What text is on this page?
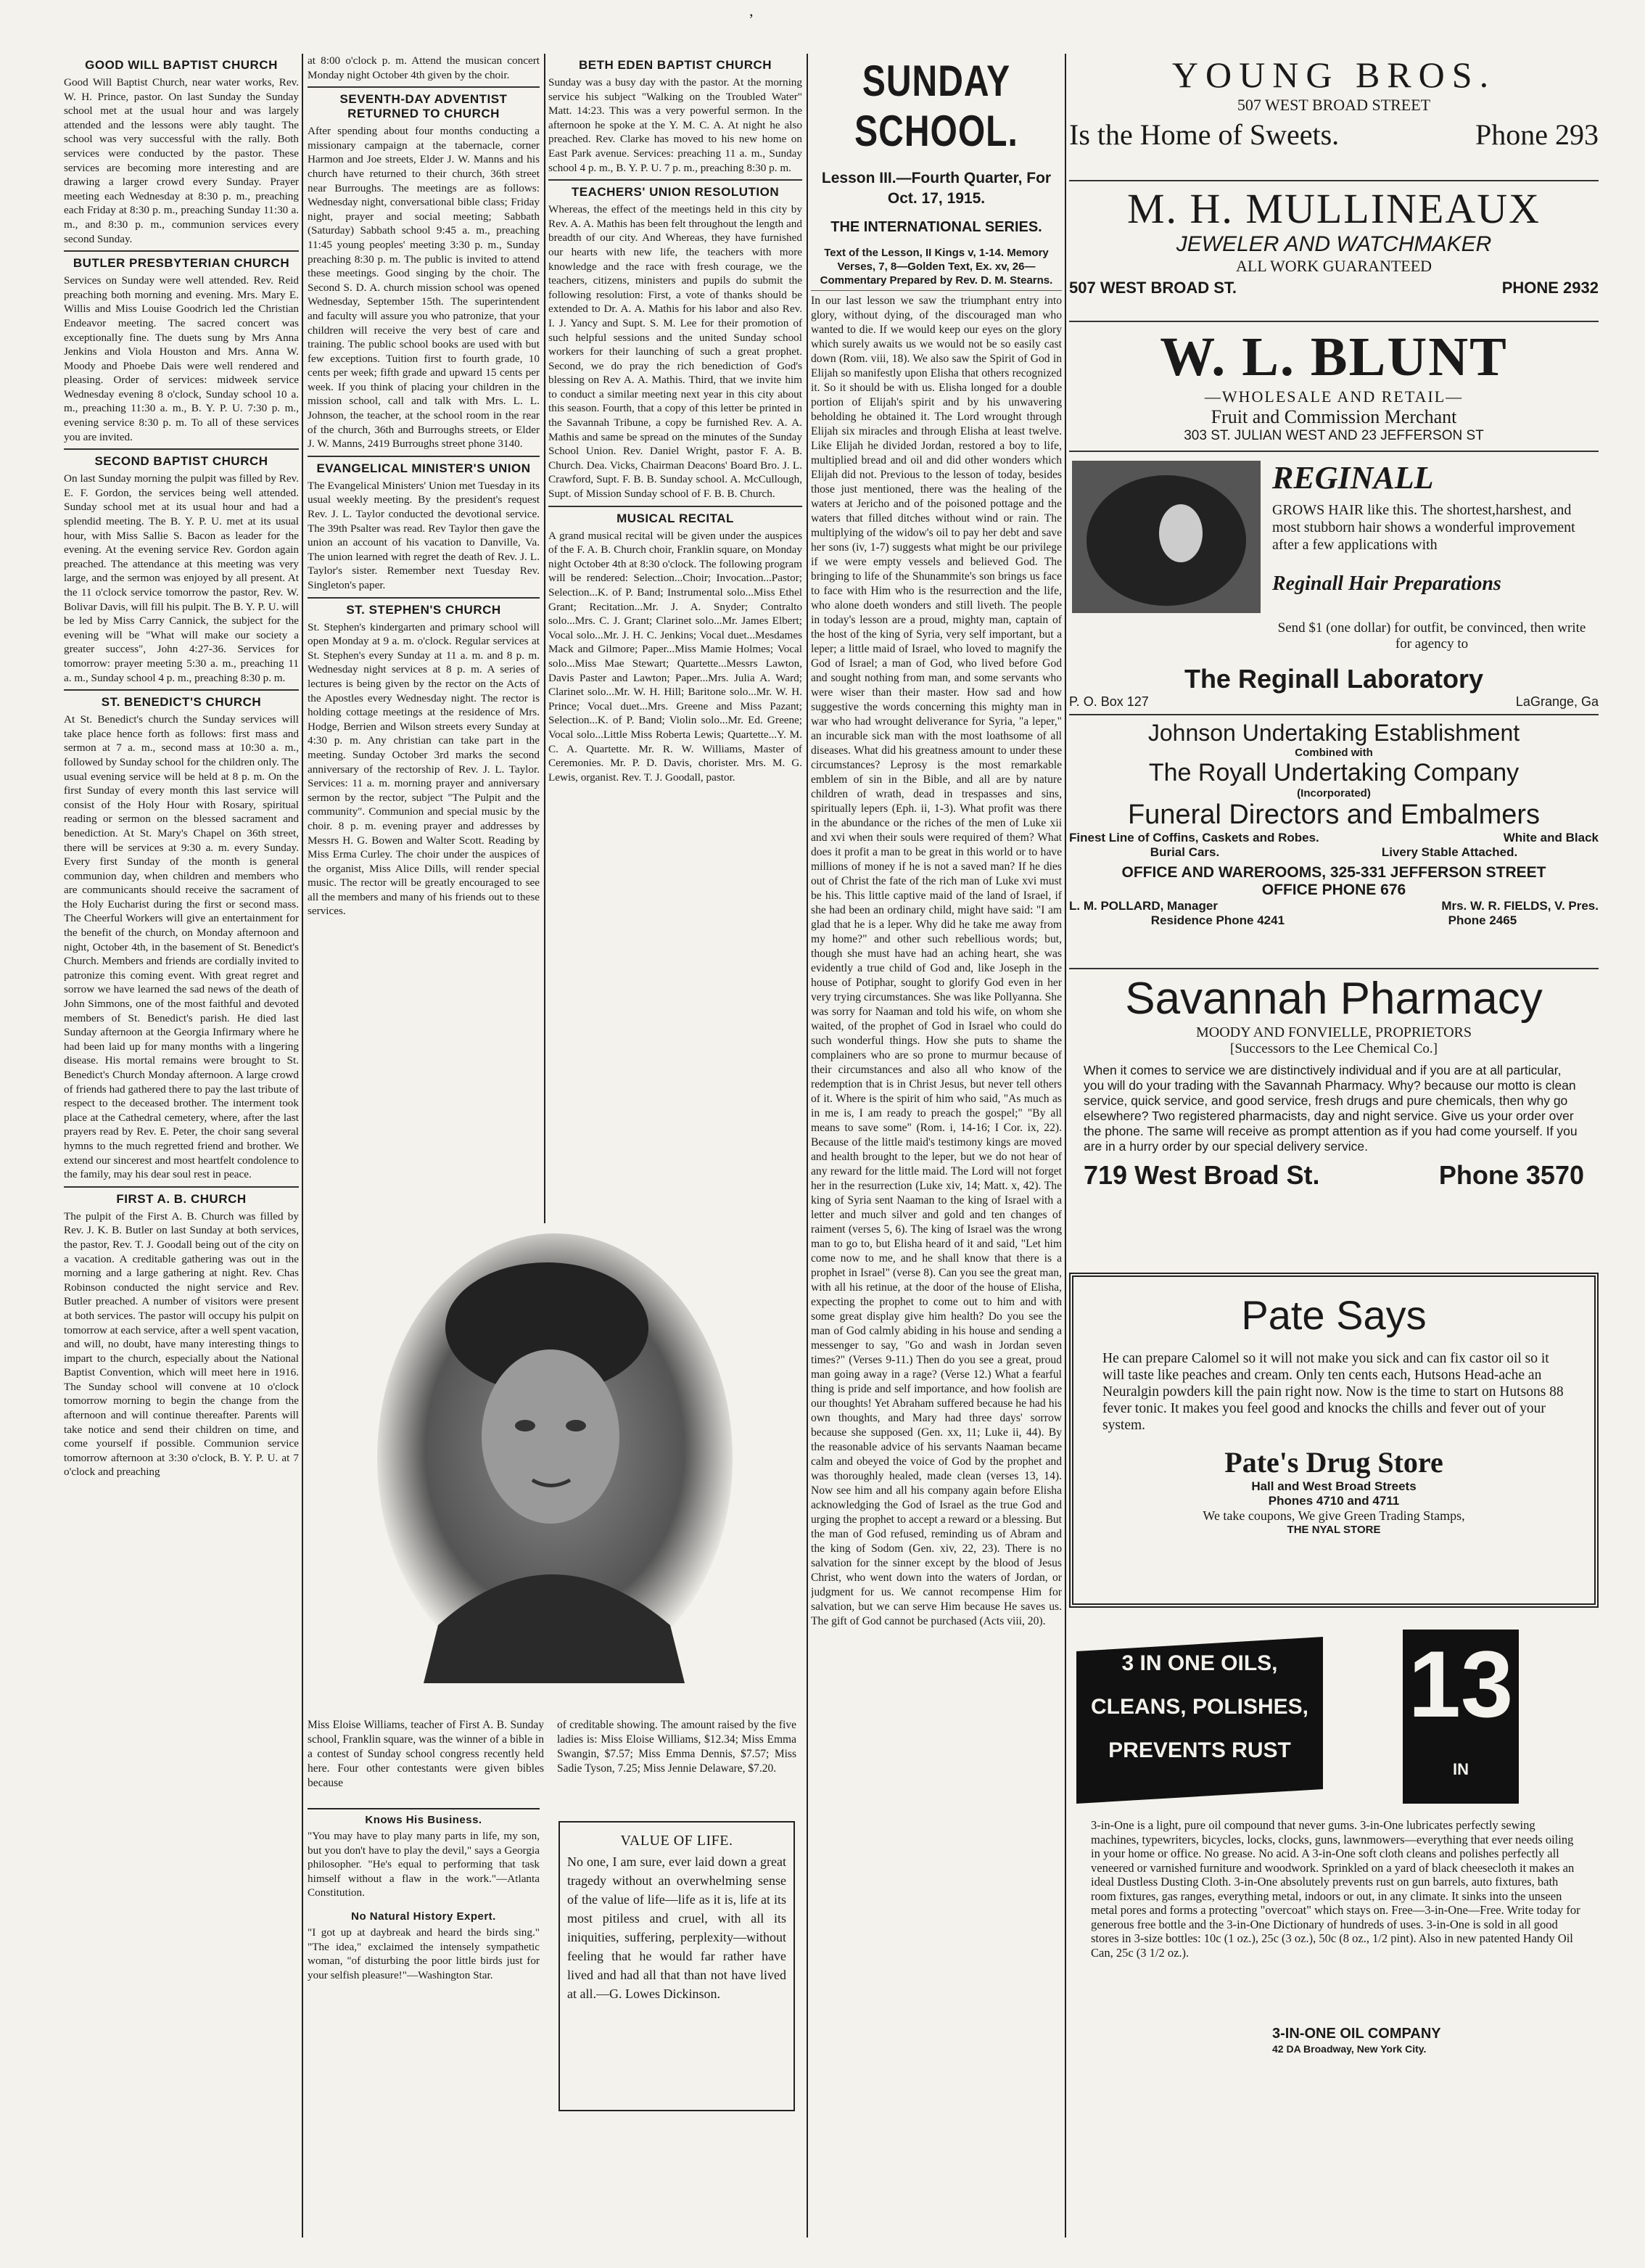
’
GOOD WILL BAPTIST CHURCH

Good Will Baptist Church, near water works, Rev. W. H. Prince, pastor. On last Sunday the Sunday school met at the usual hour and was largely attended and the lessons were ably taught. The school was very successful with the rally. Both services were conducted by the pastor. These services are becoming more interesting and are drawing a larger crowd every Sunday. Prayer meeting each Wednesday at 8:30 p. m., preaching each Friday at 8:30 p. m., preaching Sunday 11:30 a. m., and 8:30 p. m., communion services every second Sunday.

BUTLER PRESBYTERIAN CHURCH

Services on Sunday were well attended. Rev. Reid preaching both morning and evening. Mrs. Mary E. Willis and Miss Louise Goodrich led the Christian Endeavor meeting. The sacred concert was exceptionally fine. The duets sung by Mrs Anna Jenkins and Viola Houston and Mrs. Anna W. Moody and Phoebe Dais were well rendered and pleasing. Order of services: midweek service Wednesday evening 8 o'clock, Sunday school 10 a. m., preaching 11:30 a. m., B. Y. P. U. 7:30 p. m., evening service 8:30 p. m. To all of these services you are invited.

SECOND BAPTIST CHURCH

On last Sunday morning the pulpit was filled by Rev. E. F. Gordon, the services being well attended. Sunday school met at its usual hour and had a splendid meeting. The B. Y. P. U. met at its usual hour, with Miss Sallie S. Bacon as leader for the evening. At the evening service Rev. Gordon again preached. The attendance at this meeting was very large, and the sermon was enjoyed by all present. At the 11 o'clock service tomorrow the pastor, Rev. W. Bolivar Davis, will fill his pulpit. The B. Y. P. U. will be led by Miss Carry Cannick, the subject for the evening will be "What will make our society a greater success", John 4:27-36. Services for tomorrow: prayer meeting 5:30 a. m., preaching 11 a. m., Sunday school 4 p. m., preaching 8:30 p. m.

ST. BENEDICT'S CHURCH

At St. Benedict's church the Sunday services will take place hence forth as follows: first mass and sermon at 7 a. m., second mass at 10:30 a. m., followed by Sunday school for the children only. The usual evening service will be held at 8 p. m. On the first Sunday of every month this last service will consist of the Holy Hour with Rosary, spiritual reading or sermon on the blessed sacrament and benediction. At St. Mary's Chapel on 36th street, there will be services at 9:30 a. m. every Sunday. Every first Sunday of the month is general communion day, when children and members who are communicants should receive the sacrament of the Holy Eucharist during the first or second mass. The Cheerful Workers will give an entertainment for the benefit of the church, on Monday afternoon and night, October 4th, in the basement of St. Benedict's Church. Members and friends are cordially invited to patronize this coming event. With great regret and sorrow we have learned the sad news of the death of John Simmons, one of the most faithful and devoted members of St. Benedict's parish. He died last Sunday afternoon at the Georgia Infirmary where he had been laid up for many months with a lingering disease. His mortal remains were brought to St. Benedict's Church Monday afternoon. A large crowd of friends had gathered there to pay the last tribute of respect to the deceased brother. The interment took place at the Cathedral cemetery, where, after the last prayers read by Rev. E. Peter, the choir sang several hymns to the much regretted friend and brother. We extend our sincerest and most heartfelt condolence to the family, may his dear soul rest in peace.

FIRST A. B. CHURCH

The pulpit of the First A. B. Church was filled by Rev. J. K. B. Butler on last Sunday at both services, the pastor, Rev. T. J. Goodall being out of the city on a vacation. A creditable gathering was out in the morning and a large gathering at night. Rev. Chas Robinson conducted the night service and Rev. Butler preached. A number of visitors were present at both services. The pastor will occupy his pulpit on tomorrow at each service, after a well spent vacation, and will, no doubt, have many interesting things to impart to the church, especially about the National Baptist Convention, which will meet here in 1916. The Sunday school will convene at 10 o'clock tomorrow morning to begin the change from the afternoon and will continue thereafter. Parents will take notice and send their children on time, and come yourself if possible. Communion service tomorrow afternoon at 3:30 o'clock, B. Y. P. U. at 7 o'clock and preaching

at 8:00 o'clock p. m. Attend the musican concert Monday night October 4th given by the choir.

SEVENTH-DAY ADVENTIST RETURNED TO CHURCH

After spending about four months conducting a missionary campaign at the tabernacle, corner Harmon and Joe streets, Elder J. W. Manns and his church have returned to their church, 36th street near Burroughs. The meetings are as follows: Wednesday night, conversational bible class; Friday night, prayer and social meeting; Sabbath (Saturday) Sabbath school 9:45 a. m., preaching 11:45 young peoples' meeting 3:30 p. m., Sunday preaching 8:30 p. m. The public is invited to attend these meetings. Good singing by the choir. The Second S. D. A. church mission school was opened Wednesday, September 15th. The superintendent and faculty will assure you who patronize, that your children will receive the very best of care and training. The public school books are used with but few exceptions. Tuition first to fourth grade, 10 cents per week; fifth grade and upward 15 cents per week. If you think of placing your children in the mission school, call and talk with Mrs. L. L. Johnson, the teacher, at the school room in the rear of the church, 36th and Burroughs streets, or Elder J. W. Manns, 2419 Burroughs street phone 3140.

EVANGELICAL MINISTER'S UNION

The Evangelical Ministers' Union met Tuesday in its usual weekly meeting. By the president's request Rev. J. L. Taylor conducted the devotional service. The 39th Psalter was read. Rev Taylor then gave the union an account of his vacation to Danville, Va. The union learned with regret the death of Rev. J. L. Taylor's sister. Remember next Tuesday Rev. Singleton's paper.

ST. STEPHEN'S CHURCH

St. Stephen's kindergarten and primary school will open Monday at 9 a. m. o'clock. Regular services at St. Stephen's every Sunday at 11 a. m. and 8 p. m. Wednesday night services at 8 p. m. A series of lectures is being given by the rector on the Acts of the Apostles every Wednesday night. The rector is holding cottage meetings at the residence of Mrs. Hodge, Berrien and Wilson streets every Sunday at 4:30 p. m. Any christian can take part in the meeting. Sunday October 3rd marks the second anniversary of the rectorship of Rev. J. L. Taylor. Services: 11 a. m. morning prayer and anniversary sermon by the rector, subject "The Pulpit and the community". Communion and special music by the choir. 8 p. m. evening prayer and addresses by Messrs H. G. Bowen and Walter Scott. Reading by Miss Erma Curley. The choir under the auspices of the organist, Miss Alice Dills, will render special music. The rector will be greatly encouraged to see all the members and many of his friends out to these services.

BETH EDEN BAPTIST CHURCH

Sunday was a busy day with the pastor. At the morning service his subject "Walking on the Troubled Water" Matt. 14:23. This was a very powerful sermon. In the afternoon he spoke at the Y. M. C. A. At night he also preached. Rev. Clarke has moved to his new home on East Park avenue. Services: preaching 11 a. m., Sunday school 4 p. m., B. Y. P. U. 7 p. m., preaching 8:30 p. m.

TEACHERS' UNION RESOLUTION

Whereas, the effect of the meetings held in this city by Rev. A. A. Mathis has been felt throughout the length and breadth of our city. And Whereas, they have furnished our hearts with new life, the teachers with more knowledge and the race with fresh courage, we the teachers, citizens, ministers and pupils do submit the following resolution: First, a vote of thanks should be extended to Dr. A. A. Mathis for his labor and also Rev. I. J. Yancy and Supt. S. M. Lee for their promotion of such helpful sessions and the united Sunday school workers for their launching of such a great prophet. Second, we do pray the rich benediction of God's blessing on Rev A. A. Mathis. Third, that we invite him to conduct a similar meeting next year in this city about this season. Fourth, that a copy of this letter be printed in the Savannah Tribune, a copy be furnished Rev. A. A. Mathis and same be spread on the minutes of the Sunday School Union. Rev. Daniel Wright, pastor F. A. B. Church. Dea. Vicks, Chairman Deacons' Board Bro. J. L. Crawford, Supt. F. B. B. Sunday school. A. McCullough, Supt. of Mission Sunday school of F. B. B. Church.

MUSICAL RECITAL

A grand musical recital will be given under the auspices of the F. A. B. Church choir, Franklin square, on Monday night October 4th at 8:30 o'clock. The following program will be rendered: Selection...Choir; Invocation...Pastor; Selection...K. of P. Band; Instrumental solo...Miss Ethel Grant; Recitation...Mr. J. A. Snyder; Contralto solo...Mrs. C. J. Grant; Clarinet solo...Mr. James Elbert; Vocal solo...Mr. J. H. C. Jenkins; Vocal duet...Mesdames Mack and Gilmore; Paper...Miss Mamie Holmes; Vocal solo...Miss Mae Stewart; Quartette...Messrs Lawton, Davis Paster and Lawton; Paper...Mrs. Julia A. Ward; Clarinet solo...Mr. W. H. Hill; Baritone solo...Mr. W. H. Prince; Vocal duet...Mrs. Greene and Miss Pazant; Selection...K. of P. Band; Violin solo...Mr. Ed. Greene; Vocal solo...Little Miss Roberta Lewis; Quartette...Y. M. C. A. Quartette. Mr. R. W. Williams, Master of Ceremonies. Mr. P. D. Davis, chorister. Mrs. M. G. Lewis, organist. Rev. T. J. Goodall, pastor.

Miss Eloise Williams, teacher of First A. B. Sunday school, Franklin square, was the winner of a bible in a contest of Sunday school congress recently held here. Four other contestants were given bibles because
of creditable showing. The amount raised by the five ladies is: Miss Eloise Williams, $12.34; Miss Emma Swangin, $7.57; Miss Emma Dennis, $7.57; Miss Sadie Tyson, 7.25; Miss Jennie Delaware, $7.20.
Knows His Business.

"You may have to play many parts in life, my son, but you don't have to play the devil," says a Georgia philosopher. "He's equal to performing that task himself without a flaw in the work."—Atlanta Constitution.

No Natural History Expert.

"I got up at daybreak and heard the birds sing." "The idea," exclaimed the intensely sympathetic woman, "of disturbing the poor little birds just for your selfish pleasure!"—Washington Star.

VALUE OF LIFE.

No one, I am sure, ever laid down a great tragedy without an overwhelming sense of the value of life—life as it is, life at its most pitiless and cruel, with all its iniquities, suffering, perplexity—without feeling that he would far rather have lived and had all that than not have lived at all.—G. Lowes Dickinson.

SUNDAY SCHOOL.
Lesson III.—Fourth Quarter, For Oct. 17, 1915.
THE INTERNATIONAL SERIES.
Text of the Lesson, II Kings v, 1-14. Memory Verses, 7, 8—Golden Text, Ex. xv, 26—Commentary Prepared by Rev. D. M. Stearns.

In our last lesson we saw the triumphant entry into glory, without dying, of the discouraged man who wanted to die. If we would keep our eyes on the glory which surely awaits us we would not be so easily cast down (Rom. viii, 18). We also saw the Spirit of God in Elijah so manifestly upon Elisha that others recognized it. So it should be with us. Elisha longed for a double portion of Elijah's spirit and by his unwavering beholding he obtained it. The Lord wrought through Elijah six miracles and through Elisha at least twelve. Like Elijah he divided Jordan, restored a boy to life, multiplied bread and oil and did other wonders which Elijah did not. Previous to the lesson of today, besides those just mentioned, there was the healing of the waters at Jericho and of the poisoned pottage and the waters that filled ditches without wind or rain. The multiplying of the widow's oil to pay her debt and save her sons (iv, 1-7) suggests what might be our privilege if we were empty vessels and believed God. The bringing to life of the Shunammite's son brings us face to face with Him who is the resurrection and the life, who alone doeth wonders and still liveth. The people in today's lesson are a proud, mighty man, captain of the host of the king of Syria, very self important, but a leper; a little maid of Israel, who loved to magnify the God of Israel; a man of God, who lived before God and sought nothing from man, and some servants who were wiser than their master. How sad and how suggestive the words concerning this mighty man in war who had wrought deliverance for Syria, "a leper," an incurable sick man with the most loathsome of all diseases. What did his greatness amount to under these circumstances? Leprosy is the most remarkable emblem of sin in the Bible, and all are by nature children of wrath, dead in trespasses and sins, spiritually lepers (Eph. ii, 1-3). What profit was there in the abundance or the riches of the men of Luke xii and xvi when their souls were required of them? What does it profit a man to be great in this world or to have millions of money if he is not a saved man? If he dies out of Christ the fate of the rich man of Luke xvi must be his. This little captive maid of the land of Israel, if she had been an ordinary child, might have said: "I am glad that he is a leper. Why did he take me away from my home?" and other such rebellious words; but, though she must have had an aching heart, she was evidently a true child of God and, like Joseph in the house of Potiphar, sought to glorify God even in her very trying circumstances. She was like Pollyanna. She was sorry for Naaman and told his wife, on whom she waited, of the prophet of God in Israel who could do such wonderful things. How she puts to shame the complainers who are so prone to murmur because of their circumstances and also all who know of the redemption that is in Christ Jesus, but never tell others of it. Where is the spirit of him who said, "As much as in me is, I am ready to preach the gospel;" "By all means to save some" (Rom. i, 14-16; I Cor. ix, 22). Because of the little maid's testimony kings are moved and health brought to the leper, but we do not hear of any reward for the little maid. The Lord will not forget her in the resurrection (Luke xiv, 14; Matt. x, 42). The king of Syria sent Naaman to the king of Israel with a letter and much silver and gold and ten changes of raiment (verses 5, 6). The king of Israel was the wrong man to go to, but Elisha heard of it and said, "Let him come now to me, and he shall know that there is a prophet in Israel" (verse 8). Can you see the great man, with all his retinue, at the door of the house of Elisha, expecting the prophet to come out to him and with some great display give him health? Do you see the man of God calmly abiding in his house and sending a messenger to say, "Go and wash in Jordan seven times?" (Verses 9-11.) Then do you see a great, proud man going away in a rage? (Verse 12.) What a fearful thing is pride and self importance, and how foolish are our thoughts! Yet Abraham suffered because he had his own thoughts, and Mary had three days' sorrow because she supposed (Gen. xx, 11; Luke ii, 44). By the reasonable advice of his servants Naaman became calm and obeyed the voice of God by the prophet and was thoroughly healed, made clean (verses 13, 14). Now see him and all his company again before Elisha acknowledging the God of Israel as the true God and urging the prophet to accept a reward or a blessing. But the man of God refused, reminding us of Abram and the king of Sodom (Gen. xiv, 22, 23). There is no salvation for the sinner except by the blood of Jesus Christ, who went down into the waters of Jordan, or judgment for us. We cannot recompense Him for salvation, but we can serve Him because He saves us. The gift of God cannot be purchased (Acts viii, 20).

YOUNG BROS.
507 WEST BROAD STREET
Is the Home of Sweets.	Phone 293
M. H. MULLINEAUX
JEWELER AND WATCHMAKER
ALL WORK GUARANTEED
507 WEST BROAD ST.	PHONE 2932
W. L. BLUNT
—WHOLESALE AND RETAIL—
Fruit and Commission Merchant
303 ST. JULIAN WEST AND 23 JEFFERSON ST
REGINALL
GROWS HAIR like this. The shortest,harshest, and most stubborn hair shows a wonderful improvement after a few applications with
Reginall Hair Preparations
Send $1 (one dollar) for outfit, be convinced, then write for agency to
The Reginall Laboratory
P. O. Box 127	LaGrange, Ga
Johnson Undertaking Establishment
Combined with
The Royall Undertaking Company
(Incorporated)
Funeral Directors and Embalmers
Finest Line of Coffins, Caskets and Robes.	White and Black
Burial Cars.	Livery Stable Attached.
OFFICE AND WAREROOMS, 325-331 JEFFERSON STREET
OFFICE PHONE 676
L. M. POLLARD, Manager	Mrs. W. R. FIELDS, V. Pres.
Residence Phone 4241	Phone 2465
Savannah Pharmacy
MOODY AND FONVIELLE, PROPRIETORS
[Successors to the Lee Chemical Co.]

When it comes to service we are distinctively individual and if you are at all particular, you will do your trading with the Savannah Pharmacy. Why? because our motto is clean service, quick service, and good service, fresh drugs and pure chemicals, then why go elsewhere? Two registered pharmacists, day and night service. Give us your order over the phone. The same will receive as prompt attention as if you had come yourself. If you are in a hurry order by our special delivery service.

719 West Broad St.	Phone 3570
Pate Says

He can prepare Calomel so it will not make you sick and can fix castor oil so it will taste like peaches and cream. Only ten cents each, Hutsons Head-ache an Neuralgin powders kill the pain right now. Now is the time to start on Hutsons 88 fever tonic. It makes you feel good and knocks the chills and fever out of your system.

Pate's Drug Store
Hall and West Broad Streets
Phones 4710 and 4711
We take coupons, We give Green Trading Stamps,
THE NYAL STORE
3 IN ONE OILS,
CLEANS, POLISHES,
PREVENTS RUST
13
IN

3-in-One is a light, pure oil compound that never gums. 3-in-One lubricates perfectly sewing machines, typewriters, bicycles, locks, clocks, guns, lawnmowers—everything that ever needs oiling in your home or office. No grease. No acid. A 3-in-One soft cloth cleans and polishes perfectly all veneered or varnished furniture and woodwork. Sprinkled on a yard of black cheesecloth it makes an ideal Dustless Dusting Cloth. 3-in-One absolutely prevents rust on gun barrels, auto fixtures, bath room fixtures, gas ranges, everything metal, indoors or out, in any climate. It sinks into the unseen metal pores and forms a protecting "overcoat" which stays on. Free—3-in-One—Free. Write today for generous free bottle and the 3-in-One Dictionary of hundreds of uses. 3-in-One is sold in all good stores in 3-size bottles: 10c (1 oz.), 25c (3 oz.), 50c (8 oz., 1/2 pint). Also in new patented Handy Oil Can, 25c (3 1/2 oz.).

3-IN-ONE OIL COMPANY
42 DA Broadway, New York City.
